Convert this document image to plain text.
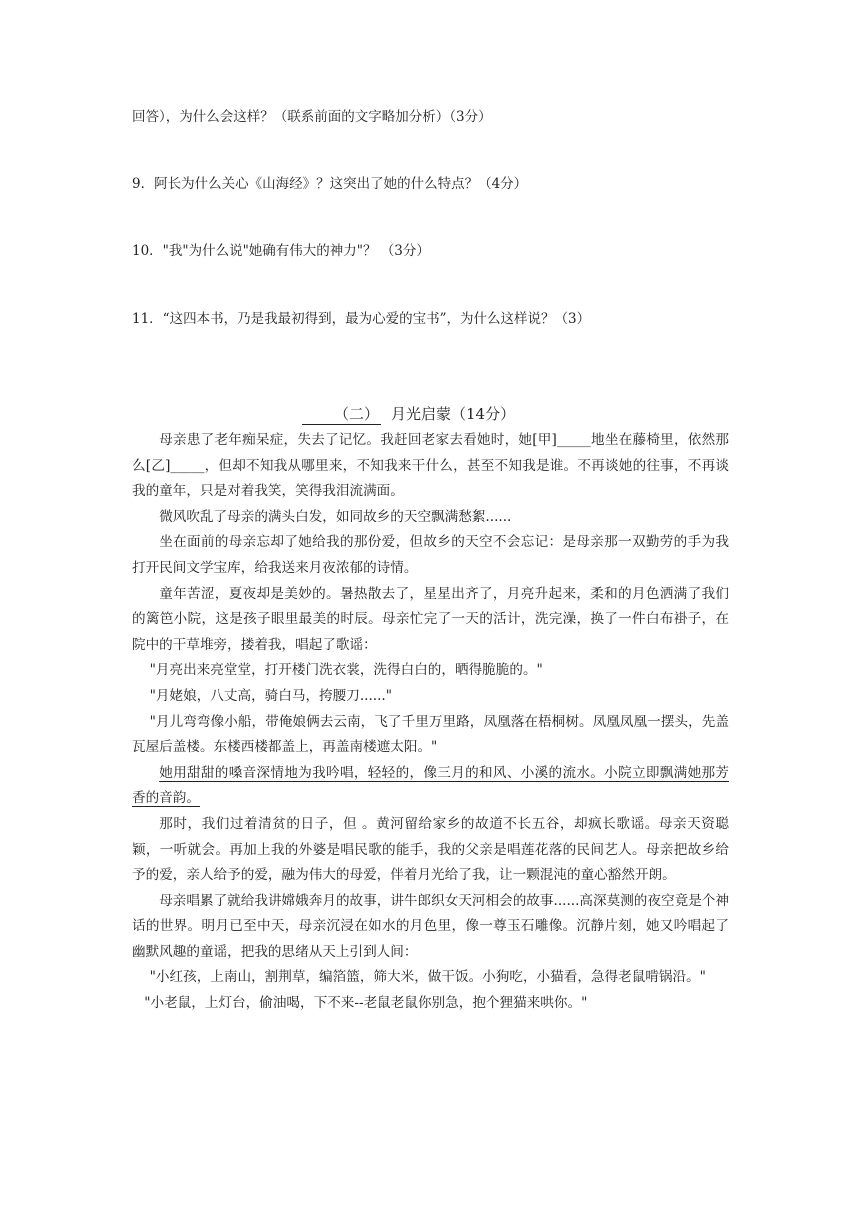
回答），为什么会这样？（联系前面的文字略加分析）（3分）
9．阿长为什么关心《山海经》？这突出了她的什么特点？（4分）
10．"我"为什么说"她确有伟大的神力"？ （3分）
11．“这四本书，乃是我最初得到，最为心爱的宝书”，为什么这样说？（3）
（二） 月光启蒙（14分）

母亲患了老年痴呆症，失去了记忆。我赶回老家去看她时，她[甲]_____地坐在藤椅里，依然那么[乙]_____，但却不知我从哪里来，不知我来干什么，甚至不知我是谁。不再谈她的往事，不再谈我的童年，只是对着我笑，笑得我泪流满面。

微风吹乱了母亲的满头白发，如同故乡的天空飘满愁絮......

坐在面前的母亲忘却了她给我的那份爱，但故乡的天空不会忘记：是母亲那一双勤劳的手为我打开民间文学宝库，给我送来月夜浓郁的诗情。

童年苦涩，夏夜却是美妙的。暑热散去了，星星出齐了，月亮升起来，柔和的月色洒满了我们的篱笆小院，这是孩子眼里最美的时辰。母亲忙完了一天的活计，洗完澡，换了一件白布褂子，在院中的干草堆旁，搂着我，唱起了歌谣：

"月亮出来亮堂堂，打开楼门洗衣裳，洗得白白的，晒得脆脆的。"

"月姥娘，八丈高，骑白马，挎腰刀......"

"月儿弯弯像小船，带俺娘俩去云南，飞了千里万里路，凤凰落在梧桐树。凤凰凤凰一摆头，先盖瓦屋后盖楼。东楼西楼都盖上，再盖南楼遮太阳。"

她用甜甜的嗓音深情地为我吟唱，轻轻的，像三月的和风、小溪的流水。小院立即飘满她那芳香的音韵。

那时，我们过着清贫的日子，但 。黄河留给家乡的故道不长五谷，却疯长歌谣。母亲天资聪颖，一听就会。再加上我的外婆是唱民歌的能手，我的父亲是唱莲花落的民间艺人。母亲把故乡给予的爱，亲人给予的爱，融为伟大的母爱，伴着月光给了我，让一颗混沌的童心豁然开朗。

母亲唱累了就给我讲嫦娥奔月的故事，讲牛郎织女天河相会的故事......高深莫测的夜空竟是个神话的世界。明月已至中天，母亲沉浸在如水的月色里，像一尊玉石雕像。沉静片刻，她又吟唱起了幽默风趣的童谣，把我的思绪从天上引到人间：

"小红孩，上南山，割荆草，编箔篮，筛大米，做干饭。小狗吃，小猫看，急得老鼠啃锅沿。"

"小老鼠，上灯台，偷油喝，下不来--老鼠老鼠你别急，抱个狸猫来哄你。"
